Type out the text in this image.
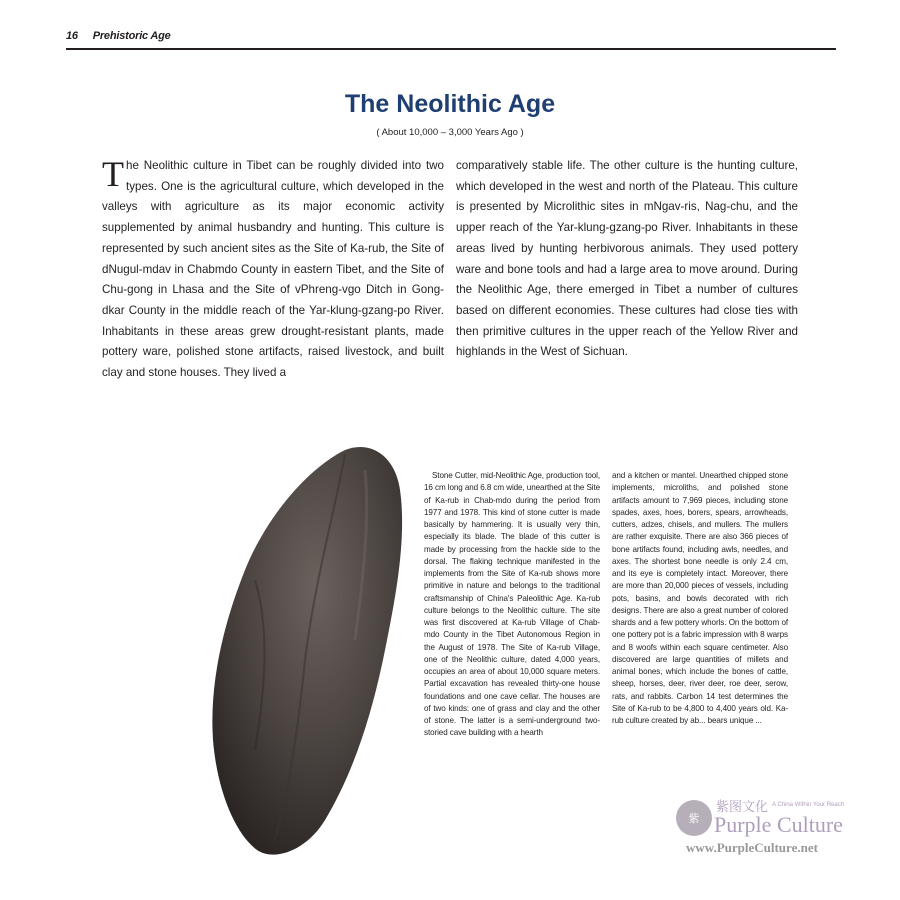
16 Prehistoric Age
The Neolithic Age
( About 10,000 – 3,000 Years Ago )
T he Neolithic culture in Tibet can be roughly divided into two types. One is the agricultural culture, which developed in the valleys with agriculture as its major economic activity supplemented by animal husbandry and hunting. This culture is represented by such ancient sites as the Site of Ka-rub, the Site of dNugul-mdav in Chabmdo County in eastern Tibet, and the Site of Chu-gong in Lhasa and the Site of vPhreng-vgo Ditch in Gong-dkar County in the middle reach of the Yar-klung-gzang-po River. Inhabitants in these areas grew drought-resistant plants, made pottery ware, polished stone artifacts, raised livestock, and built clay and stone houses. They lived a
comparatively stable life. The other culture is the hunting culture, which developed in the west and north of the Plateau. This culture is presented by Microlithic sites in mNgav-ris, Nag-chu, and the upper reach of the Yar-klung-gzang-po River. Inhabitants in these areas lived by hunting herbivorous animals. They used pottery ware and bone tools and had a large area to move around. During the Neolithic Age, there emerged in Tibet a number of cultures based on different economies. These cultures had close ties with then primitive cultures in the upper reach of the Yellow River and highlands in the West of Sichuan.
Stone Cutter, mid-Neolithic Age, production tool, 16 cm long and 6.8 cm wide, unearthed at the Site of Ka-rub in Chab-mdo during the period from 1977 and 1978. This kind of stone cutter is made basically by hammering. It is usually very thin, especially its blade. The blade of this cutter is made by processing from the hackle side to the dorsal. The flaking technique manifested in the implements from the Site of Ka-rub shows more primitive in nature and belongs to the traditional craftsmanship of China's Paleolithic Age. Ka-rub culture belongs to the Neolithic culture. The site was first discovered at Ka-rub Village of Chab-mdo County in the Tibet Autonomous Region in the August of 1978. The Site of Ka-rub Village, one of the Neolithic culture, dated 4,000 years, occupies an area of about 10,000 square meters. Partial excavation has revealed thirty-one house foundations and one cave cellar. The houses are of two kinds: one of grass and clay and the other of stone. The latter is a semi-underground two-storied cave building with a hearth
and a kitchen or mantel. Unearthed chipped stone implements, microliths, and polished stone artifacts amount to 7,969 pieces, including stone spades, axes, hoes, borers, spears, arrowheads, cutters, adzes, chisels, and mullers. The mullers are rather exquisite. There are also 366 pieces of bone artifacts found, including awls, needles, and axes. The shortest bone needle is only 2.4 cm, and its eye is completely intact. Moreover, there are more than 20,000 pieces of vessels, including pots, basins, and bowls decorated with rich designs. There are also a great number of colored shards and a few pottery whorls. On the bottom of one pottery pot is a fabric impression with 8 warps and 8 woofs within each square centimeter. Also discovered are large quantities of millets and animal bones, which include the bones of cattle, sheep, horses, deer, river deer, roe deer, serow, rats, and rabbits. Carbon 14 test determines the Site of Ka-rub to be 4,800 to 4,400 years old. Ka-rub culture created by ab... bears unique ...
紫
紫图文化 A China Within Your Reach
Purple Culture
www.PurpleCulture.net
